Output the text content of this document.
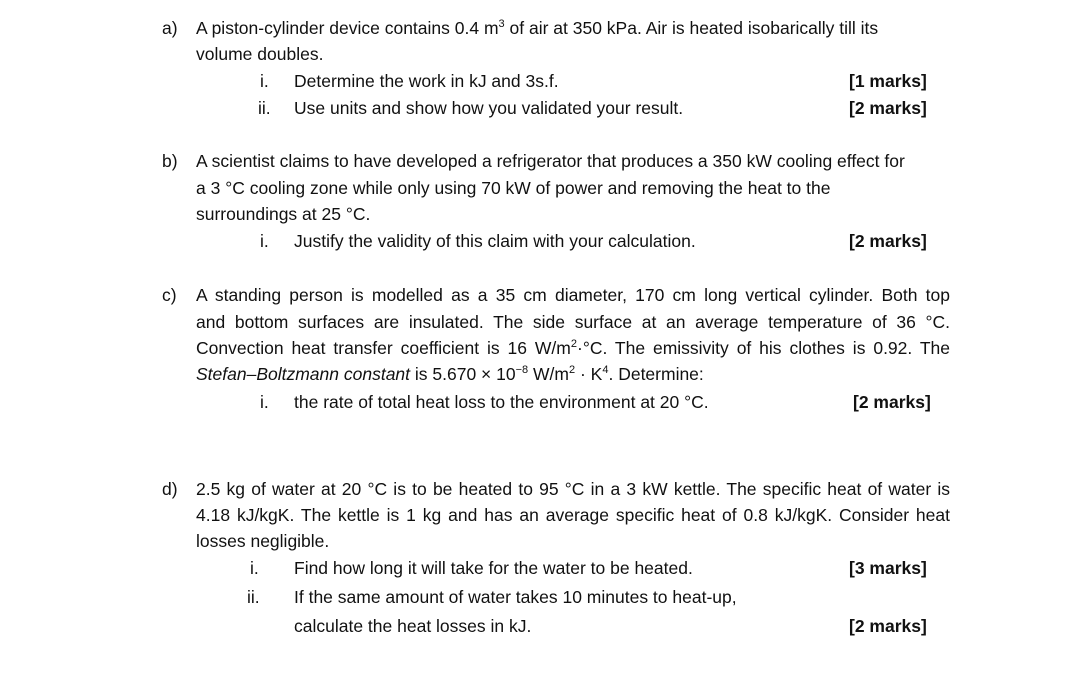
a) A piston-cylinder device contains 0.4 $m^3$ of air at 350 kPa. Air is heated isobarically till its
volume doubles.
i. Determine the work in kJ and 3s.f.	[1 marks]
ii. Use units and show how you validated your result.	[2 marks]
b) A scientist claims to have developed a refrigerator that produces a 350 kW cooling effect for
a 3 °C cooling zone while only using 70 kW of power and removing the heat to the
surroundings at 25 °C.
i. Justify the validity of this claim with your calculation.	[2 marks]
c) A standing person is modelled as a 35 cm diameter, 170 cm long vertical cylinder. Both top
and bottom surfaces are insulated. The side surface at an average temperature of 36 °C.
Convection heat transfer coefficient is 16 $W/m^2\cdot^\circ C$. The emissivity of his clothes is 0.92. The
Stefan–Boltzmann constant is $5.670 \times 10^{-8}$ $W/m^2 \cdot K^4$. Determine:
i. the rate of total heat loss to the environment at 20 °C.	[2 marks]
d) 2.5 kg of water at 20 °C is to be heated to 95 °C in a 3 kW kettle. The specific heat of water is
4.18 kJ/kgK. The kettle is 1 kg and has an average specific heat of 0.8 kJ/kgK. Consider heat
losses negligible.
i. Find how long it will take for the water to be heated.	[3 marks]
ii. If the same amount of water takes 10 minutes to heat-up,
calculate the heat losses in kJ.	[2 marks]
